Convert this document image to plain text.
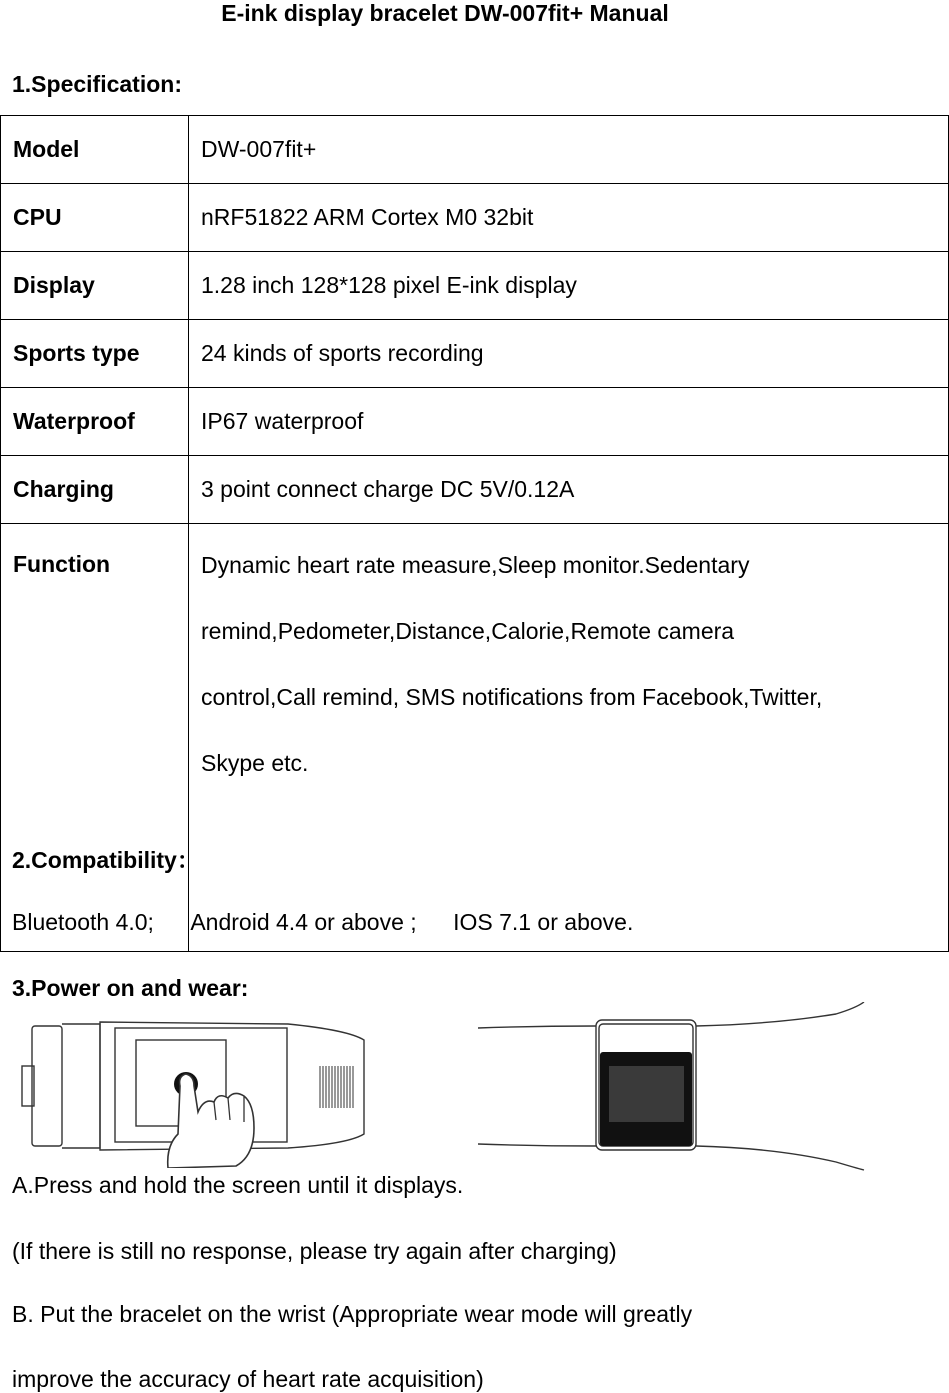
E-ink display bracelet DW-007fit+ Manual
1.Specification:
Model	DW-007fit+
CPU	nRF51822 ARM Cortex M0 32bit
Display	1.28 inch 128*128 pixel E-ink display
Sports type	24 kinds of sports recording
Waterproof	IP67 waterproof
Charging	3 point connect charge DC 5V/0.12A
Function	Dynamic heart rate measure,Sleep monitor.Sedentary
remind,Pedometer,Distance,Calorie,Remote camera
control,Call remind, SMS notifications from Facebook,Twitter,
Skype etc.
2.Compatibility：
Bluetooth 4.0; Android 4.4 or above ; IOS 7.1 or above.
3.Power on and wear:
A.Press and hold the screen until it displays.
(If there is still no response, please try again after charging)
B. Put the bracelet on the wrist (Appropriate wear mode will greatly
improve the accuracy of heart rate acquisition)
